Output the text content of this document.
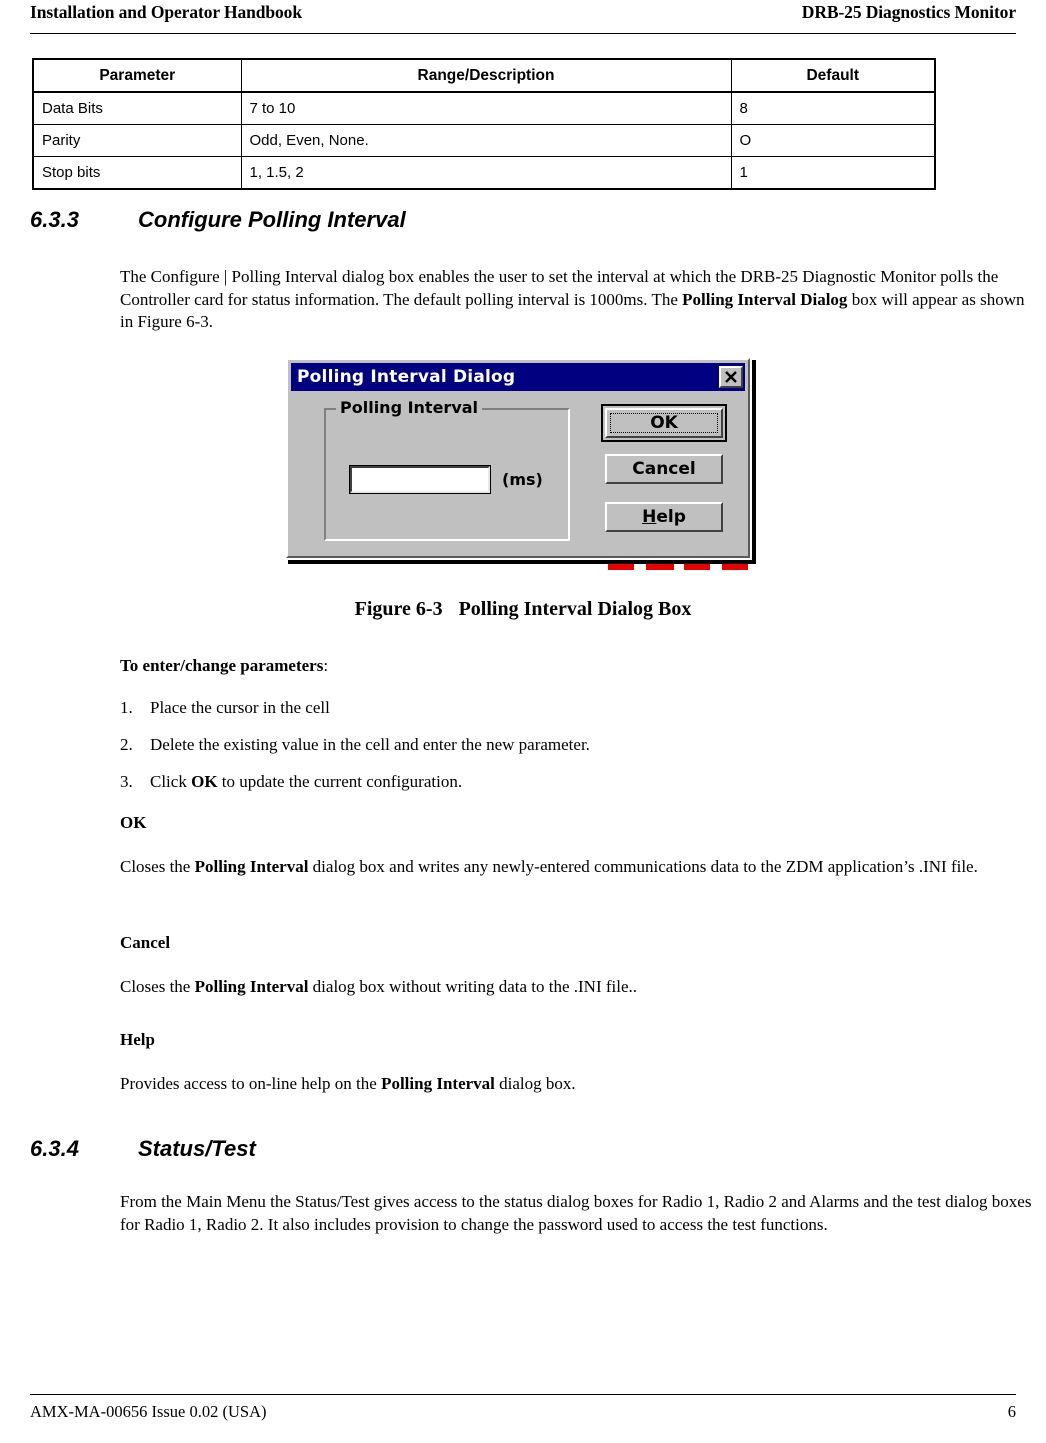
Installation and Operator Handbook	DRB-25 Diagnostics Monitor
Parameter	Range/Description	Default
Data Bits	7 to 10	8
Parity	Odd, Even, None.	O
Stop bits	1, 1.5, 2	1
6.3.3	Configure Polling Interval
The Configure | Polling Interval dialog box enables the user to set the interval at which the DRB-25 Diagnostic Monitor polls the Controller card for status information. The default polling interval is 1000ms. The Polling Interval Dialog box will appear as shown in Figure 6-3.
Polling Interval Dialog
Polling Interval
(ms)
OK
Cancel
Help
Figure 6-3 Polling Interval Dialog Box
To enter/change parameters:
1. Place the cursor in the cell
2. Delete the existing value in the cell and enter the new parameter.
3. Click OK to update the current configuration.
OK
Closes the Polling Interval dialog box and writes any newly-entered communications data to the ZDM application’s .INI file.
Cancel
Closes the Polling Interval dialog box without writing data to the .INI file..
Help
Provides access to on-line help on the Polling Interval dialog box.
6.3.4	Status/Test
From the Main Menu the Status/Test gives access to the status dialog boxes for Radio 1, Radio 2 and Alarms and the test dialog boxes for Radio 1, Radio 2. It also includes provision to change the password used to access the test functions.
AMX-MA-00656 Issue 0.02 (USA)	6
